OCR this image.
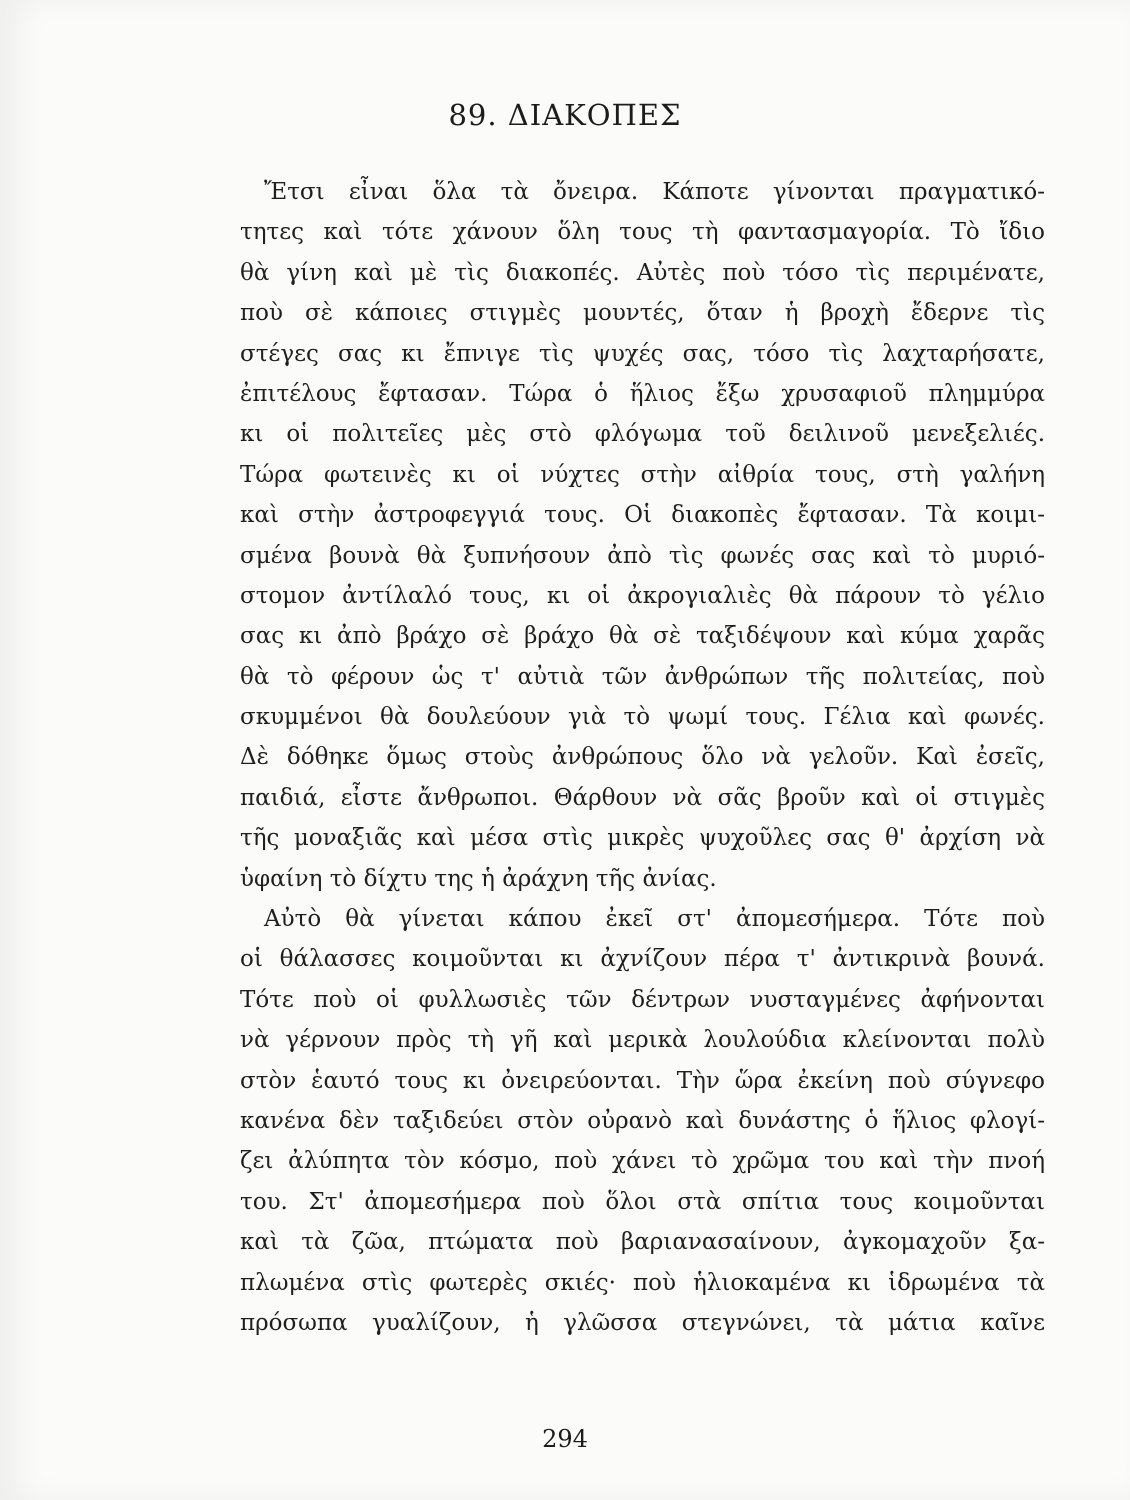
89. ΔΙΑΚΟΠΕΣ
Ἔτσι εἶναι ὅλα τὰ ὄνειρα. Κάποτε γίνονται πραγματικό-
τητες καὶ τότε χάνουν ὅλη τους τὴ φαντασμαγορία. Τὸ ἴδιο
θὰ γίνη καὶ μὲ τὶς διακοπές. Αὐτὲς ποὺ τόσο τὶς περιμένατε,
ποὺ σὲ κάποιες στιγμὲς μουντές, ὅταν ἡ βροχὴ ἔδερνε τὶς
στέγες σας κι ἔπνιγε τὶς ψυχές σας, τόσο τὶς λαχταρήσατε,
ἐπιτέλους ἔφτασαν. Τώρα ὁ ἥλιος ἔξω χρυσαφιοῦ πλημμύρα
κι οἱ πολιτεῖες μὲς στὸ φλόγωμα τοῦ δειλινοῦ μενεξελιές.
Τώρα φωτεινὲς κι οἱ νύχτες στὴν αἰθρία τους, στὴ γαλήνη
καὶ στὴν ἀστροφεγγιά τους. Οἱ διακοπὲς ἔφτασαν. Τὰ κοιμι-
σμένα βουνὰ θὰ ξυπνήσουν ἀπὸ τὶς φωνές σας καὶ τὸ μυριό-
στομον ἀντίλαλό τους, κι οἱ ἀκρογιαλιὲς θὰ πάρουν τὸ γέλιο
σας κι ἀπὸ βράχο σὲ βράχο θὰ σὲ ταξιδέψουν καὶ κύμα χαρᾶς
θὰ τὸ φέρουν ὡς τ' αὐτιὰ τῶν ἀνθρώπων τῆς πολιτείας, ποὺ
σκυμμένοι θὰ δουλεύουν γιὰ τὸ ψωμί τους. Γέλια καὶ φωνές.
Δὲ δόθηκε ὅμως στοὺς ἀνθρώπους ὅλο νὰ γελοῦν. Καὶ ἐσεῖς,
παιδιά, εἶστε ἄνθρωποι. Θάρθουν νὰ σᾶς βροῦν καὶ οἱ στιγμὲς
τῆς μοναξιᾶς καὶ μέσα στὶς μικρὲς ψυχοῦλες σας θ' ἀρχίση νὰ
ὑφαίνη τὸ δίχτυ της ἡ ἀράχνη τῆς ἀνίας.
Αὐτὸ θὰ γίνεται κάπου ἐκεῖ στ' ἀπομεσήμερα. Τότε ποὺ
οἱ θάλασσες κοιμοῦνται κι ἀχνίζουν πέρα τ' ἀντικρινὰ βουνά.
Τότε ποὺ οἱ φυλλωσιὲς τῶν δέντρων νυσταγμένες ἀφήνονται
νὰ γέρνουν πρὸς τὴ γῆ καὶ μερικὰ λουλούδια κλείνονται πολὺ
στὸν ἑαυτό τους κι ὀνειρεύονται. Τὴν ὥρα ἐκείνη ποὺ σύγνεφο
κανένα δὲν ταξιδεύει στὸν οὐρανὸ καὶ δυνάστης ὁ ἥλιος φλογί-
ζει ἀλύπητα τὸν κόσμο, ποὺ χάνει τὸ χρῶμα του καὶ τὴν πνοή
του. Στ' ἀπομεσήμερα ποὺ ὅλοι στὰ σπίτια τους κοιμοῦνται
καὶ τὰ ζῶα, πτώματα ποὺ βαριανασαίνουν, ἀγκομαχοῦν ξα-
πλωμένα στὶς φωτερὲς σκιές· ποὺ ἡλιοκαμένα κι ἱδρωμένα τὰ
πρόσωπα γυαλίζουν, ἡ γλῶσσα στεγνώνει, τὰ μάτια καῖνε
294
